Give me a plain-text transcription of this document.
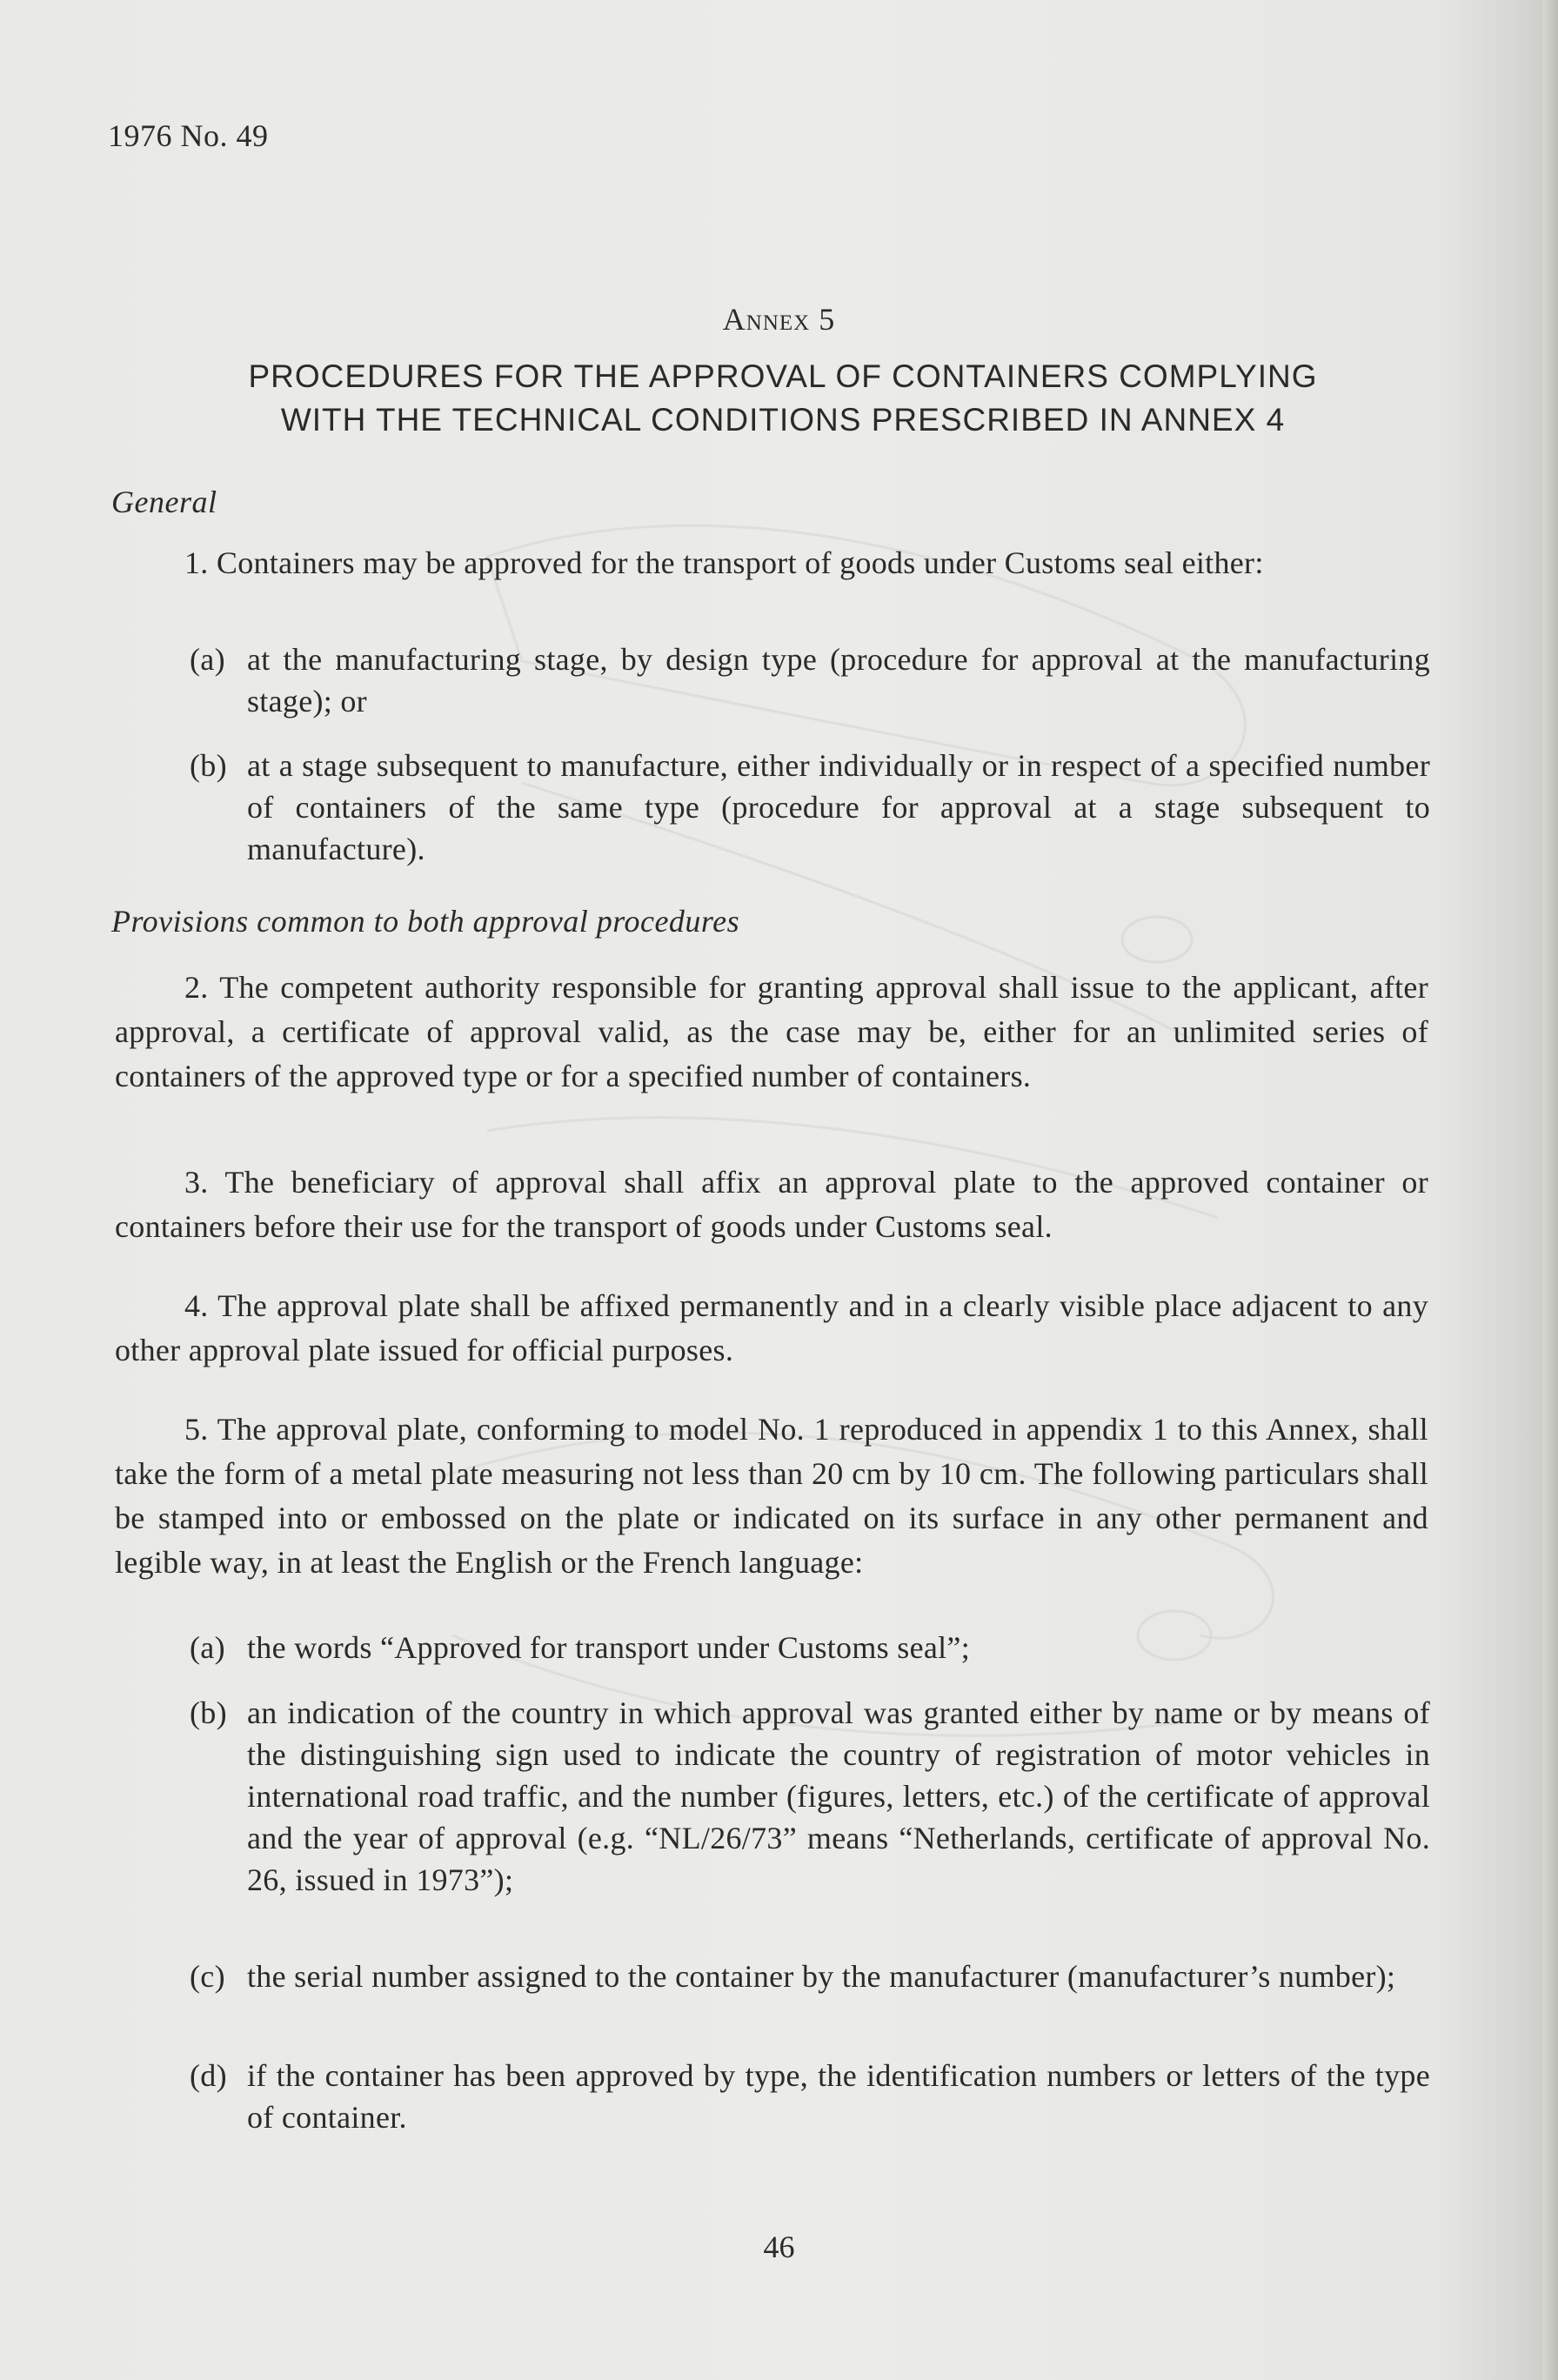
1976 No. 49
Annex 5
PROCEDURES FOR THE APPROVAL OF CONTAINERS COMPLYING
WITH THE TECHNICAL CONDITIONS PRESCRIBED IN ANNEX 4
General
1. Containers may be approved for the transport of goods under Customs seal either:
(a) at the manufacturing stage, by design type (procedure for approval at the manufacturing stage); or
(b) at a stage subsequent to manufacture, either individually or in respect of a specified number of containers of the same type (procedure for approval at a stage subsequent to manufacture).
Provisions common to both approval procedures
2. The competent authority responsible for granting approval shall issue to the applicant, after approval, a certificate of approval valid, as the case may be, either for an unlimited series of containers of the approved type or for a specified number of containers.
3. The beneficiary of approval shall affix an approval plate to the approved container or containers before their use for the transport of goods under Customs seal.
4. The approval plate shall be affixed permanently and in a clearly visible place adjacent to any other approval plate issued for official purposes.
5. The approval plate, conforming to model No. 1 reproduced in appendix 1 to this Annex, shall take the form of a metal plate measuring not less than 20 cm by 10 cm. The following particulars shall be stamped into or embossed on the plate or indicated on its surface in any other permanent and legible way, in at least the English or the French language:
(a) the words “Approved for transport under Customs seal”;
(b) an indication of the country in which approval was granted either by name or by means of the distinguishing sign used to indicate the country of registration of motor vehicles in international road traffic, and the number (figures, letters, etc.) of the certificate of approval and the year of approval (e.g. “NL/26/73” means “Netherlands, certificate of approval No. 26, issued in 1973”);
(c) the serial number assigned to the container by the manufacturer (manufacturer’s number);
(d) if the container has been approved by type, the identification numbers or letters of the type of container.
46
